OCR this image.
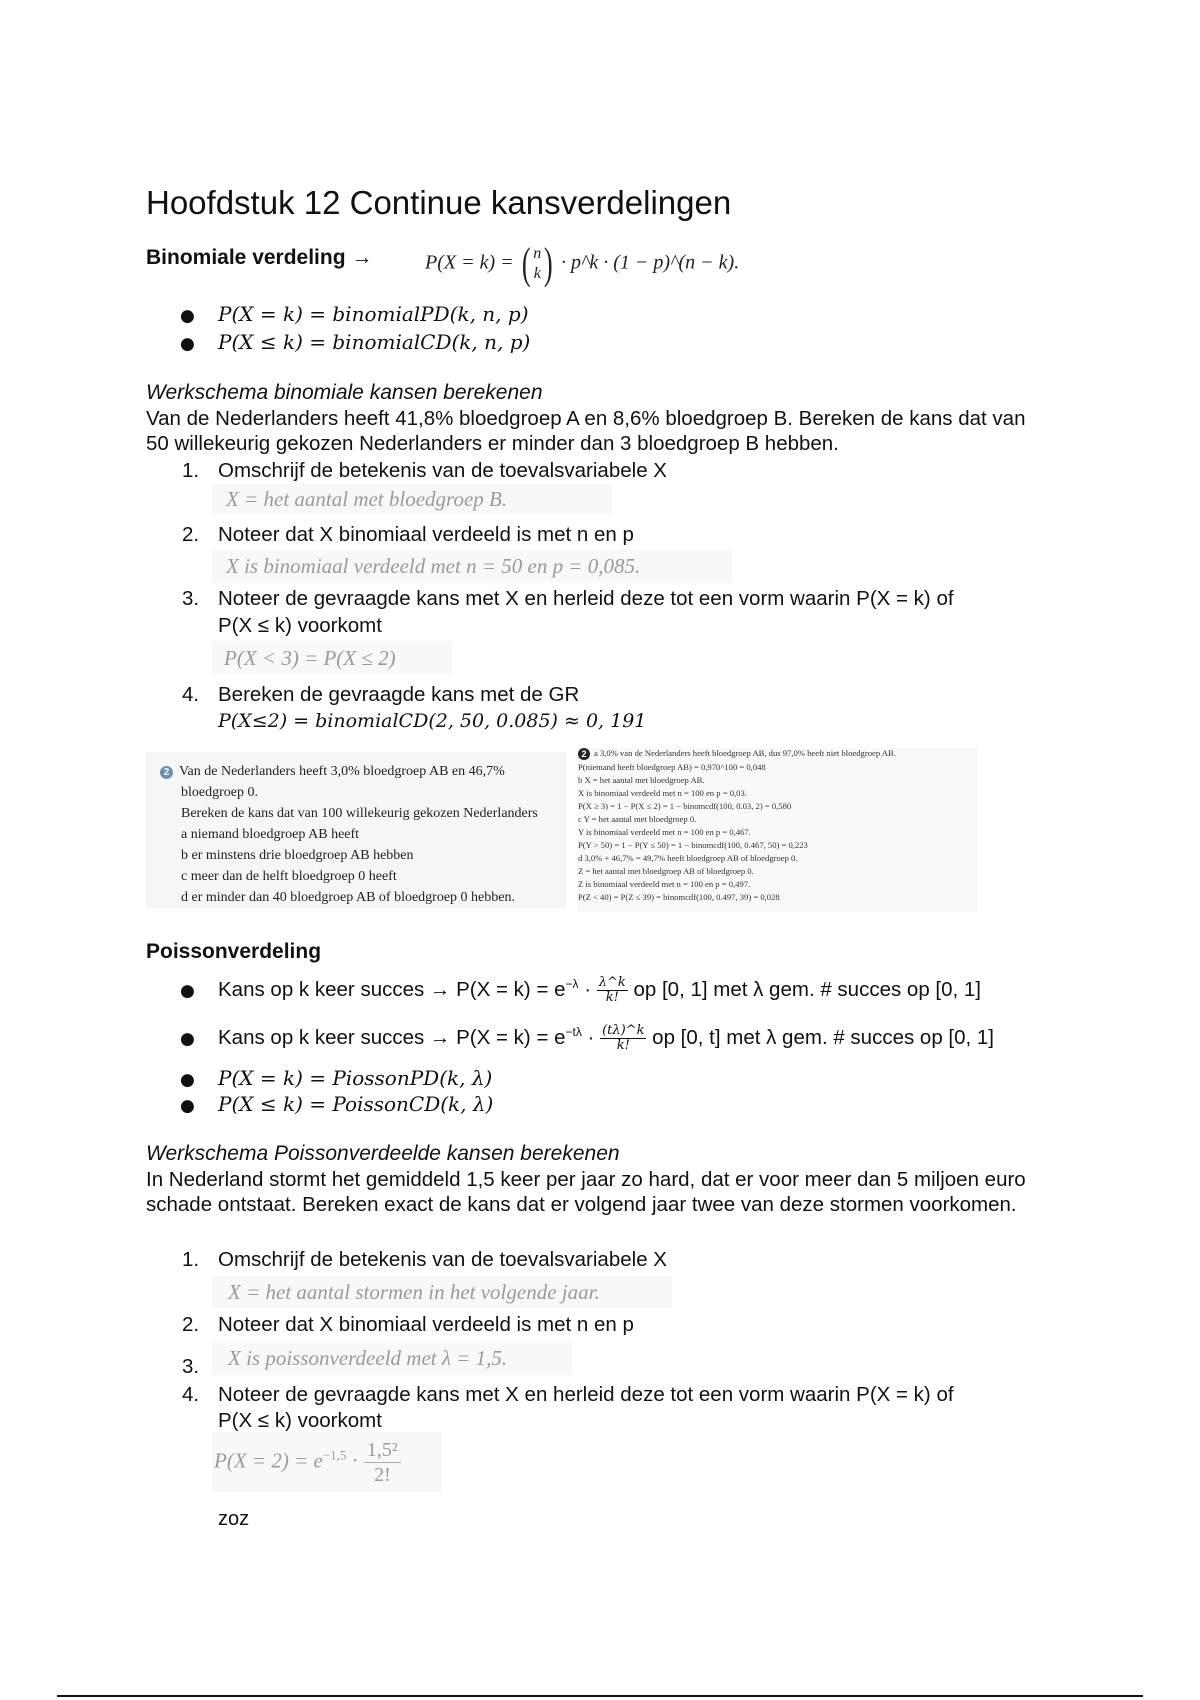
Hoofdstuk 12 Continue kansverdelingen
Binomiale verdeling →	P(X = k) = ( n
k ) · p^k · (1 − p)^(n − k).
● P(X = k) = binomialPD(k, n, p)
● P(X ≤ k) = binomialCD(k, n, p)
Werkschema binomiale kansen berekenen

Van de Nederlanders heeft 41,8% bloedgroep A en 8,6% bloedgroep B. Bereken de kans dat van 50 willekeurig gekozen Nederlanders er minder dan 3 bloedgroep B hebben.

1. Omschrijf de betekenis van de toevalsvariabele X
X = het aantal met bloedgroep B.
2. Noteer dat X binomiaal verdeeld is met n en p
X is binomiaal verdeeld met n = 50 en p = 0,085.
3. Noteer de gevraagde kans met X en herleid deze tot een vorm waarin P(X = k) of
P(X ≤ k) voorkomt
P(X < 3) = P(X ≤ 2)
4. Bereken de gevraagde kans met de GR
P(X≤2) = binomialCD(2, 50, 0.085) ≈ 0, 191
2 Van de Nederlanders heeft 3,0% bloedgroep AB en 46,7%
bloedgroep 0.
Bereken de kans dat van 100 willekeurig gekozen Nederlanders
a niemand bloedgroep AB heeft
b er minstens drie bloedgroep AB hebben
c meer dan de helft bloedgroep 0 heeft
d er minder dan 40 bloedgroep AB of bloedgroep 0 hebben.
2 a 3,0% van de Nederlanders heeft bloedgroep AB, dus 97,0% heeft niet bloedgroep AB.
P(niemand heeft bloedgroep AB) = 0,970^100 = 0,048
b X = het aantal met bloedgroep AB.
X is binomiaal verdeeld met n = 100 en p = 0,03.
P(X ≥ 3) = 1 − P(X ≤ 2) = 1 − binomcdf(100, 0.03, 2) = 0,580
c Y = het aantal met bloedgroep 0.
Y is binomiaal verdeeld met n = 100 en p = 0,467.
P(Y > 50) = 1 − P(Y ≤ 50) = 1 − binomcdf(100, 0.467, 50) = 0,223
d 3,0% + 46,7% = 49,7% heeft bloedgroep AB of bloedgroep 0.
Z = het aantal met bloedgroep AB of bloedgroep 0.
Z is binomiaal verdeeld met n = 100 en p = 0,497.
P(Z < 40) = P(Z ≤ 39) = binomcdf(100, 0.497, 39) = 0,028
Poissonverdeling
● Kans op k keer succes → $P(X = k) = e^{-\lambda} \cdot \frac{\lambda\^{}k}{k!}$ op [0, 1] met λ gem. # succes op [0, 1]
● Kans op k keer succes → $P(X = k) = e^{-t\lambda} \cdot \frac{(t\lambda)\^{}k}{k!}$ op [0, t] met λ gem. # succes op [0, 1]
● P(X = k) = PiossonPD(k, λ)
● P(X ≤ k) = PoissonCD(k, λ)
Werkschema Poissonverdeelde kansen berekenen

In Nederland stormt het gemiddeld 1,5 keer per jaar zo hard, dat er voor meer dan 5 miljoen euro schade ontstaat. Bereken exact de kans dat er volgend jaar twee van deze stormen voorkomen.

1. Omschrijf de betekenis van de toevalsvariabele X
X = het aantal stormen in het volgende jaar.
2. Noteer dat X binomiaal verdeeld is met n en p
3.	X is poissonverdeeld met λ = 1,5.
4. Noteer de gevraagde kans met X en herleid deze tot een vorm waarin P(X = k) of
P(X ≤ k) voorkomt
$P(X = 2) = e^{-1,5} \cdot \frac{\text{1,5²}}{2!}$
zoz
